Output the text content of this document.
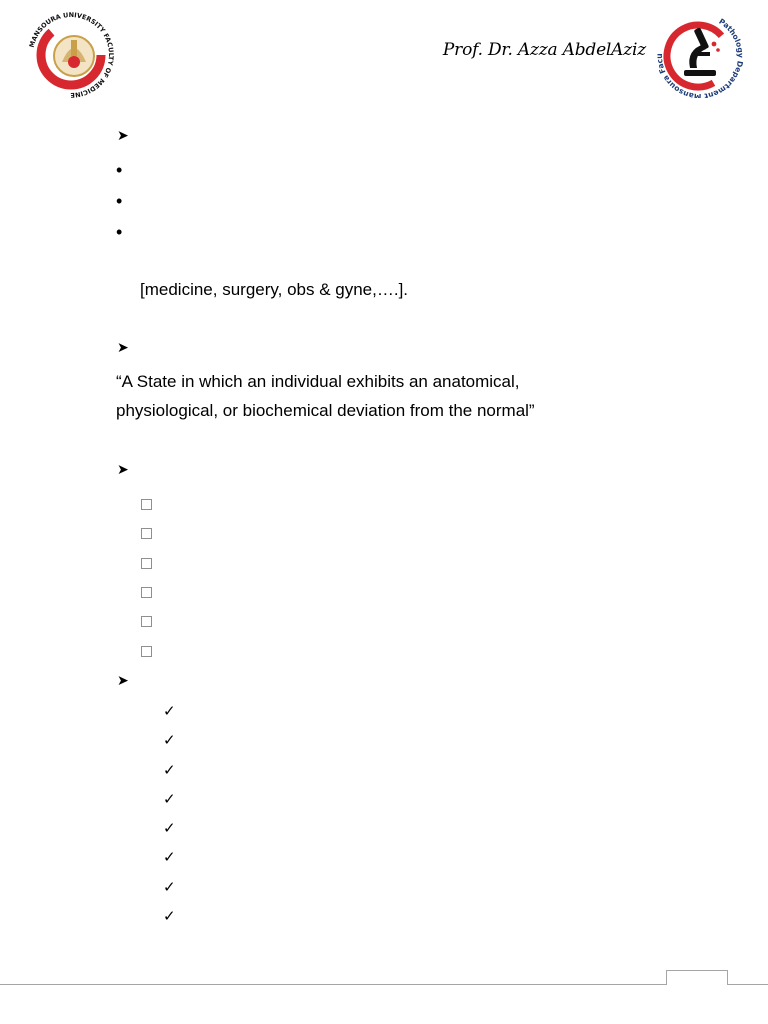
MANSOURA UNIVERSITY FACULTY OF MEDICINE
Prof. Dr. Azza AbdelAziz
Pathology Department Mansoura Facu
➤
•
•
•
[medicine, surgery, obs & gyne,….].
➤
“A State in which an individual exhibits an anatomical,
physiological, or biochemical deviation from the normal”
➤
➤
✓
✓
✓
✓
✓
✓
✓
✓
